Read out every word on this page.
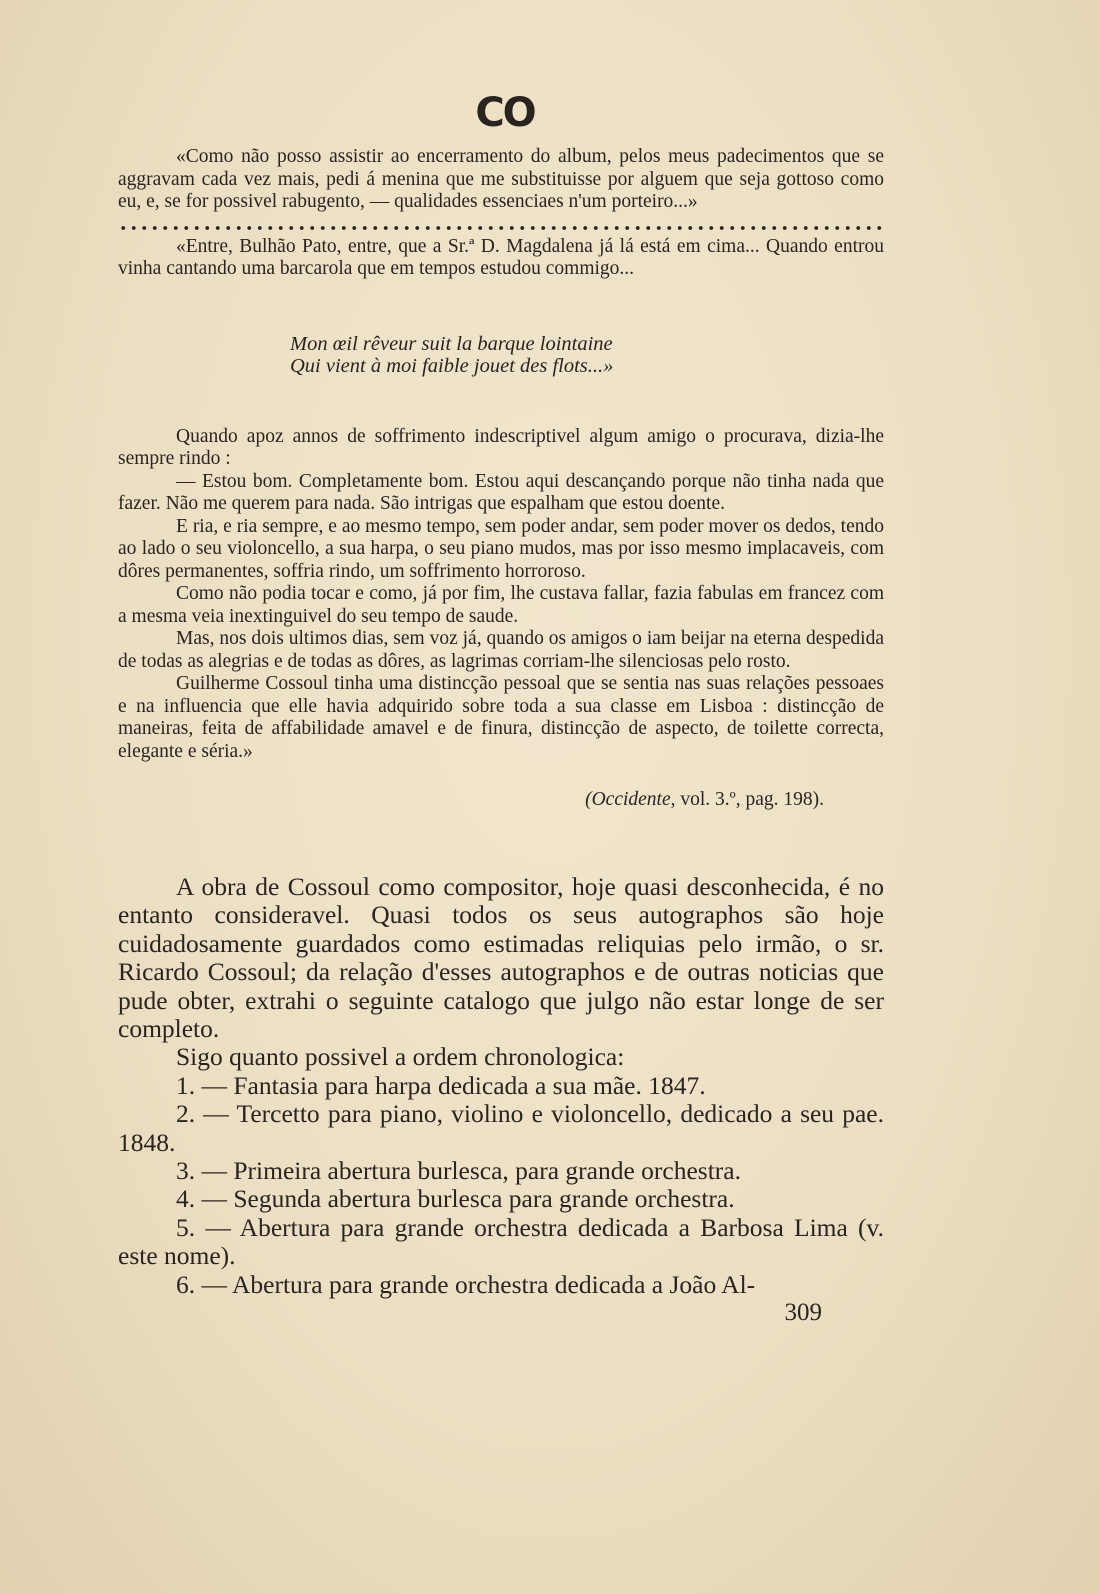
CO

«Como não posso assistir ao encerramento do album, pelos meus padecimentos que se aggravam cada vez mais, pedi á menina que me substituisse por alguem que seja gottoso como eu, e, se for possivel rabugento, — qualidades essenciaes n'um porteiro...»

«Entre, Bulhão Pato, entre, que a Sr.ª D. Magdalena já lá está em cima... Quando entrou vinha cantando uma barcarola que em tempos estudou commigo...

Mon œil rêveur suit la barque lointaine
Qui vient à moi faible jouet des flots...»

Quando apoz annos de soffrimento indescriptivel algum amigo o procurava, dizia-lhe sempre rindo :

— Estou bom. Completamente bom. Estou aqui descançando porque não tinha nada que fazer. Não me querem para nada. São intrigas que espalham que estou doente.

E ria, e ria sempre, e ao mesmo tempo, sem poder andar, sem poder mover os dedos, tendo ao lado o seu violoncello, a sua harpa, o seu piano mudos, mas por isso mesmo implacaveis, com dôres permanentes, soffria rindo, um soffrimento horroroso.

Como não podia tocar e como, já por fim, lhe custava fallar, fazia fabulas em francez com a mesma veia inextinguivel do seu tempo de saude.

Mas, nos dois ultimos dias, sem voz já, quando os amigos o iam beijar na eterna despedida de todas as alegrias e de todas as dôres, as lagrimas corriam-lhe silenciosas pelo rosto.

Guilherme Cossoul tinha uma distincção pessoal que se sentia nas suas relações pessoaes e na influencia que elle havia adquirido sobre toda a sua classe em Lisboa : distincção de maneiras, feita de affabilidade amavel e de finura, distincção de aspecto, de toilette correcta, elegante e séria.»

(Occidente, vol. 3.º, pag. 198).

A obra de Cossoul como compositor, hoje quasi desconhecida, é no entanto consideravel. Quasi todos os seus autographos são hoje cuidadosamente guardados como estimadas reliquias pelo irmão, o sr. Ricardo Cossoul; da relação d'esses autographos e de outras noticias que pude obter, extrahi o seguinte catalogo que julgo não estar longe de ser completo.

Sigo quanto possivel a ordem chronologica:

1. — Fantasia para harpa dedicada a sua mãe. 1847.
2. — Tercetto para piano, violino e violoncello, dedicado a seu pae. 1848.
3. — Primeira abertura burlesca, para grande orchestra.
4. — Segunda abertura burlesca para grande orchestra.
5. — Abertura para grande orchestra dedicada a Barbosa Lima (v. este nome).
6. — Abertura para grande orchestra dedicada a João Al-
309
